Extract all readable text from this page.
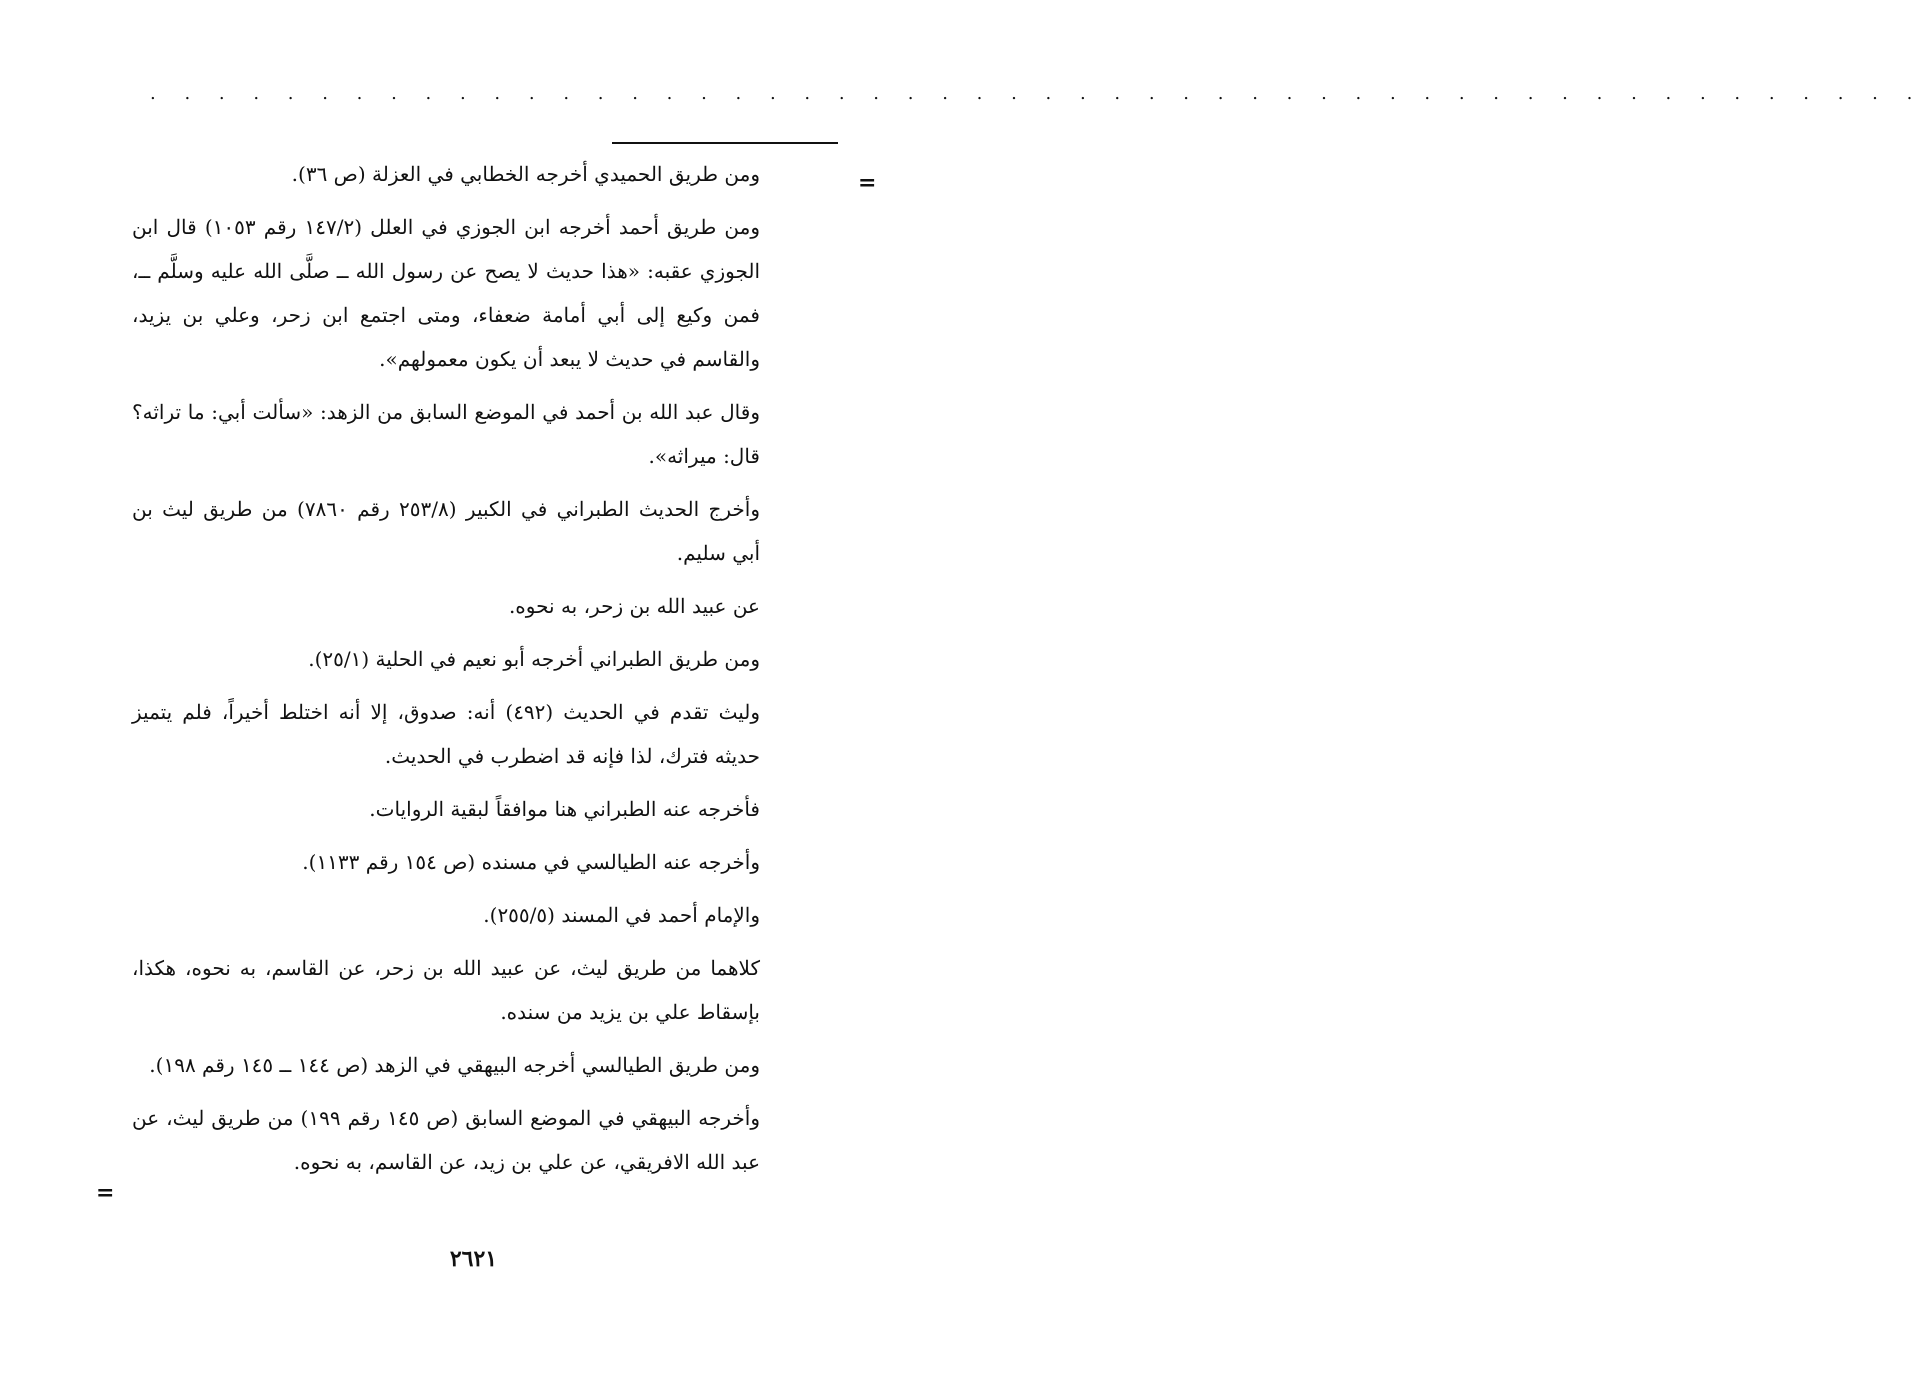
. . . . . . . . . . . . . . . . . . . . . . . . . . . . . . . . . . . . . . . . . . . . . . . . . . . .
=

ومن طريق الحميدي أخرجه الخطابي في العزلة (ص ٣٦).

ومن طريق أحمد أخرجه ابن الجوزي في العلل (١٤٧/٢ رقم ١٠٥٣) قال ابن الجوزي عقبه: «هذا حديث لا يصح عن رسول الله ــ صلَّى الله عليه وسلَّم ــ، فمن وكيع إلى أبي أمامة ضعفاء، ومتى اجتمع ابن زحر، وعلي بن يزيد، والقاسم في حديث لا يبعد أن يكون معمولهم».

وقال عبد الله بن أحمد في الموضع السابق من الزهد: «سألت أبي: ما تراثه؟ قال: ميراثه».

وأخرج الحديث الطبراني في الكبير (٢٥٣/٨ رقم ٧٨٦٠) من طريق ليث بن أبي سليم.

عن عبيد الله بن زحر، به نحوه.

ومن طريق الطبراني أخرجه أبو نعيم في الحلية (٢٥/١).

وليث تقدم في الحديث (٤٩٢) أنه: صدوق، إلا أنه اختلط أخيراً، فلم يتميز حديثه فترك، لذا فإنه قد اضطرب في الحديث.

فأخرجه عنه الطبراني هنا موافقاً لبقية الروايات.

وأخرجه عنه الطيالسي في مسنده (ص ١٥٤ رقم ١١٣٣).

والإمام أحمد في المسند (٢٥٥/٥).

كلاهما من طريق ليث، عن عبيد الله بن زحر، عن القاسم، به نحوه، هكذا، بإسقاط علي بن يزيد من سنده.

ومن طريق الطيالسي أخرجه البيهقي في الزهد (ص ١٤٤ ــ ١٤٥ رقم ١٩٨).

وأخرجه البيهقي في الموضع السابق (ص ١٤٥ رقم ١٩٩) من طريق ليث، عن عبد الله الافريقي، عن علي بن زيد، عن القاسم، به نحوه.

=
٢٦٢١
